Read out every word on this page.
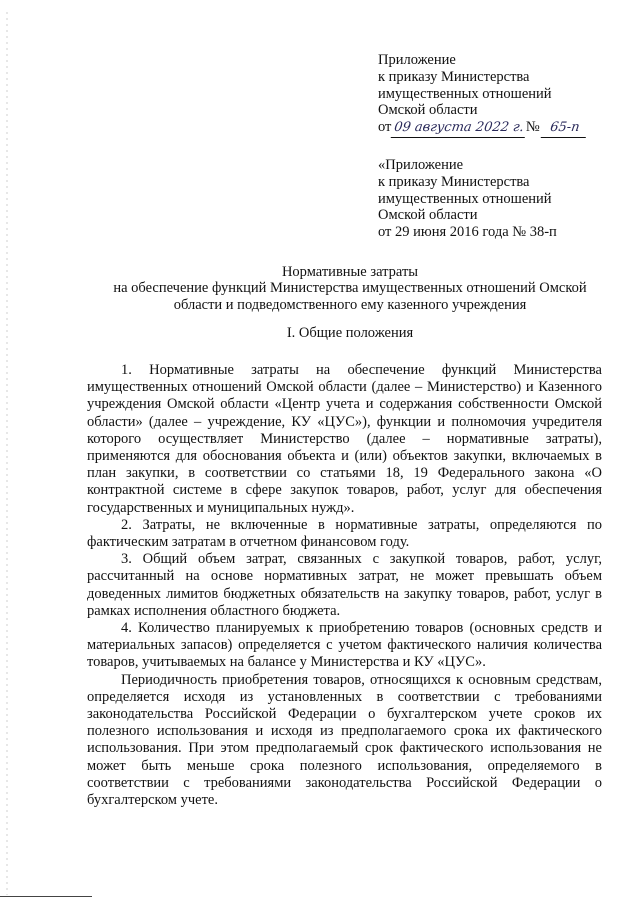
Приложение
к приказу Министерства
имущественных отношений
Омской области
от 09 августа 2022 г.№ 65-п
«Приложение
к приказу Министерства
имущественных отношений
Омской области
от 29 июня 2016 года № 38-п
Нормативные затраты
на обеспечение функций Министерства имущественных отношений Омской
области и подведомственного ему казенного учреждения
I. Общие положения

1. Нормативные затраты на обеспечение функций Министерства имущественных отношений Омской области (далее – Министерство) и Казенного учреждения Омской области «Центр учета и содержания собственности Омской области» (далее – учреждение, КУ «ЦУС»), функции и полномочия учредителя которого осуществляет Министерство (далее – нормативные затраты), применяются для обоснования объекта и (или) объектов закупки, включаемых в план закупки, в соответствии со статьями 18, 19 Федерального закона «О контрактной системе в сфере закупок товаров, работ, услуг для обеспечения государственных и муниципальных нужд».

2. Затраты, не включенные в нормативные затраты, определяются по фактическим затратам в отчетном финансовом году.

3. Общий объем затрат, связанных с закупкой товаров, работ, услуг, рассчитанный на основе нормативных затрат, не может превышать объем доведенных лимитов бюджетных обязательств на закупку товаров, работ, услуг в рамках исполнения областного бюджета.

4. Количество планируемых к приобретению товаров (основных средств и материальных запасов) определяется с учетом фактического наличия количества товаров, учитываемых на балансе у Министерства и КУ «ЦУС».

Периодичность приобретения товаров, относящихся к основным средствам, определяется исходя из установленных в соответствии с требованиями законодательства Российской Федерации о бухгалтерском учете сроков их полезного использования и исходя из предполагаемого срока их фактического использования. При этом предполагаемый срок фактического использования не может быть меньше срока полезного использования, определяемого в соответствии с требованиями законодательства Российской Федерации о бухгалтерском учете.
